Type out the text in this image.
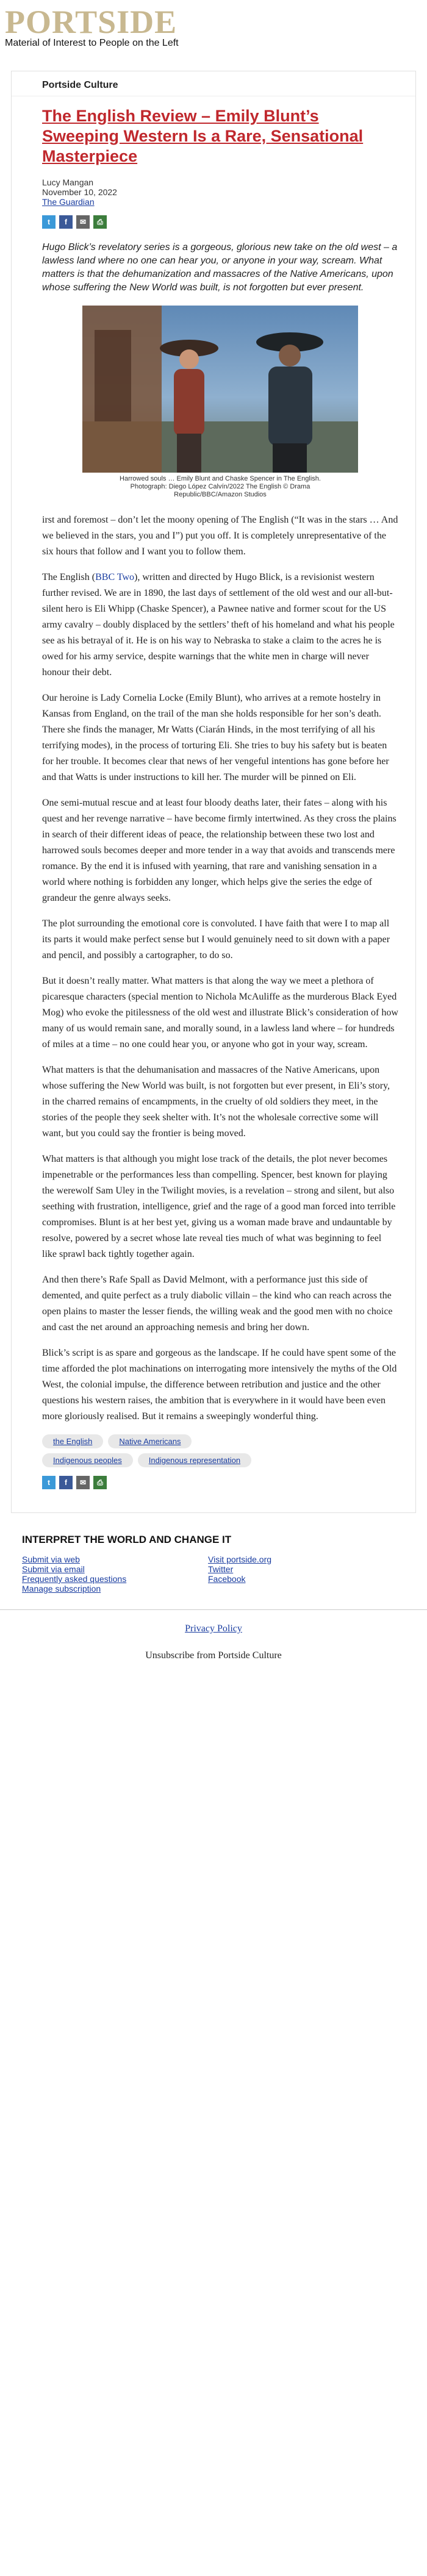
PORTSIDE
Material of Interest to People on the Left
Portside Culture
The English Review – Emily Blunt’s Sweeping Western Is a Rare, Sensational Masterpiece
Lucy Mangan
November 10, 2022
The Guardian
t	f	✉	⎙

Hugo Blick’s revelatory series is a gorgeous, glorious new take on the old west – a lawless land where no one can hear you, or anyone in your way, scream. What matters is that the dehumanization and massacres of the Native Americans, upon whose suffering the New World was built, is not forgotten but ever present.

Harrowed souls … Emily Blunt and Chaske Spencer in The English. Photograph: Diego López Calvín/2022 The English © Drama Republic/BBC/Amazon Studios

irst and foremost – don’t let the moony opening of The English (“It was in the stars … And we believed in the stars, you and I”) put you off. It is completely unrepresentative of the six hours that follow and I want you to follow them.

The English (BBC Two), written and directed by Hugo Blick, is a revisionist western further revised. We are in 1890, the last days of settlement of the old west and our all-but-silent hero is Eli Whipp (Chaske Spencer), a Pawnee native and former scout for the US army cavalry – doubly displaced by the settlers’ theft of his homeland and what his people see as his betrayal of it. He is on his way to Nebraska to stake a claim to the acres he is owed for his army service, despite warnings that the white men in charge will never honour their debt.

Our heroine is Lady Cornelia Locke (Emily Blunt), who arrives at a remote hostelry in Kansas from England, on the trail of the man she holds responsible for her son’s death. There she finds the manager, Mr Watts (Ciarán Hinds, in the most terrifying of all his terrifying modes), in the process of torturing Eli. She tries to buy his safety but is beaten for her trouble. It becomes clear that news of her vengeful intentions has gone before her and that Watts is under instructions to kill her. The murder will be pinned on Eli.

One semi-mutual rescue and at least four bloody deaths later, their fates – along with his quest and her revenge narrative – have become firmly intertwined. As they cross the plains in search of their different ideas of peace, the relationship between these two lost and harrowed souls becomes deeper and more tender in a way that avoids and transcends mere romance. By the end it is infused with yearning, that rare and vanishing sensation in a world where nothing is forbidden any longer, which helps give the series the edge of grandeur the genre always seeks.

The plot surrounding the emotional core is convoluted. I have faith that were I to map all its parts it would make perfect sense but I would genuinely need to sit down with a paper and pencil, and possibly a cartographer, to do so.

But it doesn’t really matter. What matters is that along the way we meet a plethora of picaresque characters (special mention to Nichola McAuliffe as the murderous Black Eyed Mog) who evoke the pitilessness of the old west and illustrate Blick’s consideration of how many of us would remain sane, and morally sound, in a lawless land where – for hundreds of miles at a time – no one could hear you, or anyone who got in your way, scream.

What matters is that the dehumanisation and massacres of the Native Americans, upon whose suffering the New World was built, is not forgotten but ever present, in Eli’s story, in the charred remains of encampments, in the cruelty of old soldiers they meet, in the stories of the people they seek shelter with. It’s not the wholesale corrective some will want, but you could say the frontier is being moved.

What matters is that although you might lose track of the details, the plot never becomes impenetrable or the performances less than compelling. Spencer, best known for playing the werewolf Sam Uley in the Twilight movies, is a revelation – strong and silent, but also seething with frustration, intelligence, grief and the rage of a good man forced into terrible compromises. Blunt is at her best yet, giving us a woman made brave and undauntable by resolve, powered by a secret whose late reveal ties much of what was beginning to feel like sprawl back tightly together again.

And then there’s Rafe Spall as David Melmont, with a performance just this side of demented, and quite perfect as a truly diabolic villain – the kind who can reach across the open plains to master the lesser fiends, the willing weak and the good men with no choice and cast the net around an approaching nemesis and bring her down.

Blick’s script is as spare and gorgeous as the landscape. If he could have spent some of the time afforded the plot machinations on interrogating more intensively the myths of the Old West, the colonial impulse, the difference between retribution and justice and the other questions his western raises, the ambition that is everywhere in it would have been even more gloriously realised. But it remains a sweepingly wonderful thing.

the English	Native Americans
Indigenous peoples	Indigenous representation
t	f	✉	⎙
INTERPRET THE WORLD AND CHANGE IT
Submit via web
Submit via email
Frequently asked questions
Manage subscription
Visit portside.org
Twitter
Facebook
Privacy Policy
Unsubscribe from Portside Culture
